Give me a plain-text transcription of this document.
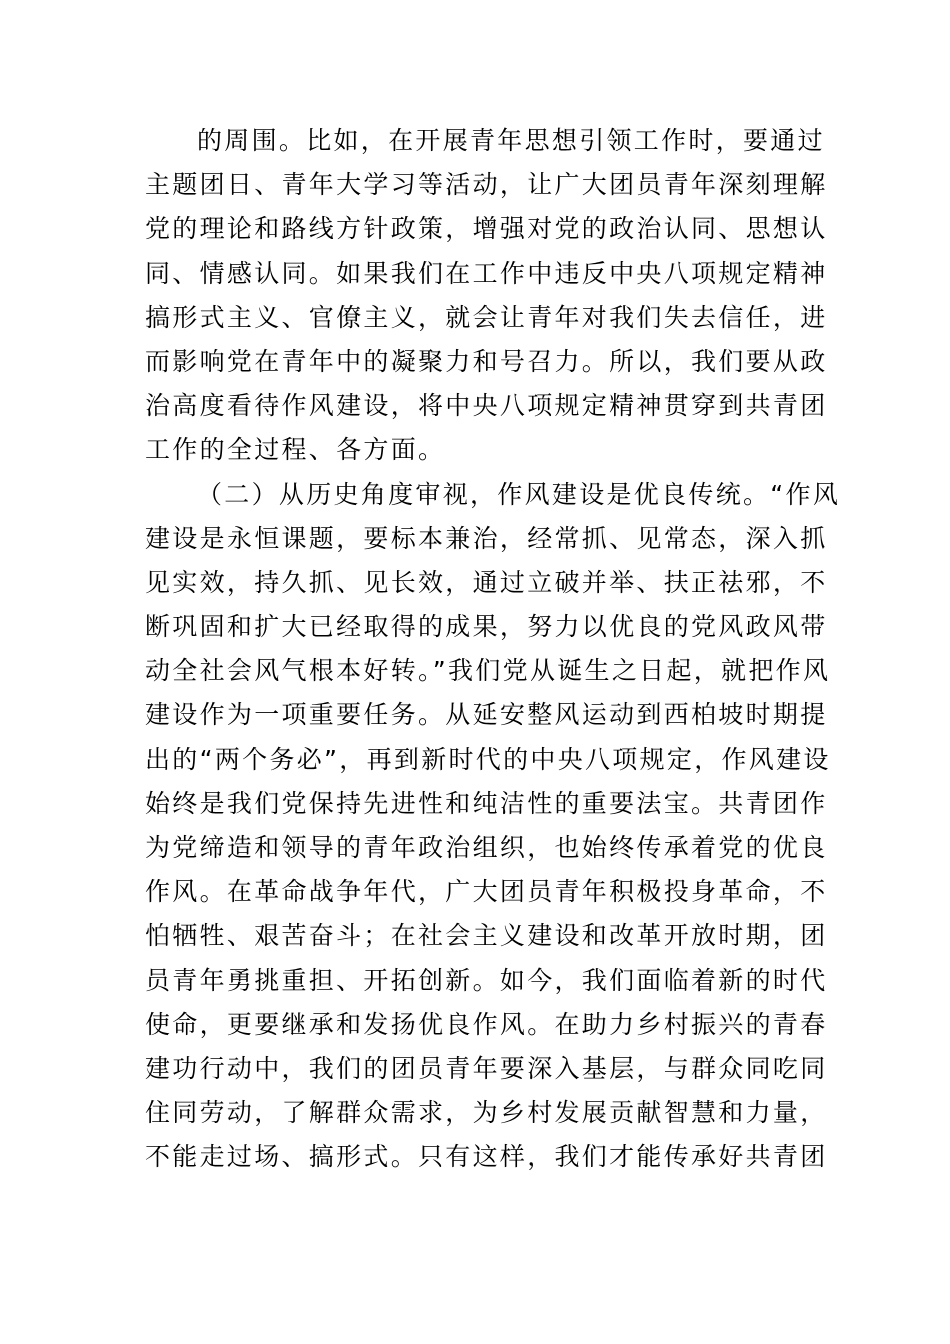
的周围。比如，在开展青年思想引领工作时，要通过
主题团日、青年大学习等活动，让广大团员青年深刻理解
党的理论和路线方针政策，增强对党的政治认同、思想认
同、情感认同。如果我们在工作中违反中央八项规定精神
搞形式主义、官僚主义，就会让青年对我们失去信任，进
而影响党在青年中的凝聚力和号召力。所以，我们要从政
治高度看待作风建设，将中央八项规定精神贯穿到共青团
工作的全过程、各方面。
（二）从历史角度审视，作风建设是优良传统。“作风
建设是永恒课题，要标本兼治，经常抓、见常态，深入抓
见实效，持久抓、见长效，通过立破并举、扶正祛邪，不
断巩固和扩大已经取得的成果，努力以优良的党风政风带
动全社会风气根本好转。”我们党从诞生之日起，就把作风
建设作为一项重要任务。从延安整风运动到西柏坡时期提
出的“两个务必”，再到新时代的中央八项规定，作风建设
始终是我们党保持先进性和纯洁性的重要法宝。共青团作
为党缔造和领导的青年政治组织，也始终传承着党的优良
作风。在革命战争年代，广大团员青年积极投身革命，不
怕牺牲、艰苦奋斗；在社会主义建设和改革开放时期，团
员青年勇挑重担、开拓创新。如今，我们面临着新的时代
使命，更要继承和发扬优良作风。在助力乡村振兴的青春
建功行动中，我们的团员青年要深入基层，与群众同吃同
住同劳动，了解群众需求，为乡村发展贡献智慧和力量，
不能走过场、搞形式。只有这样，我们才能传承好共青团
